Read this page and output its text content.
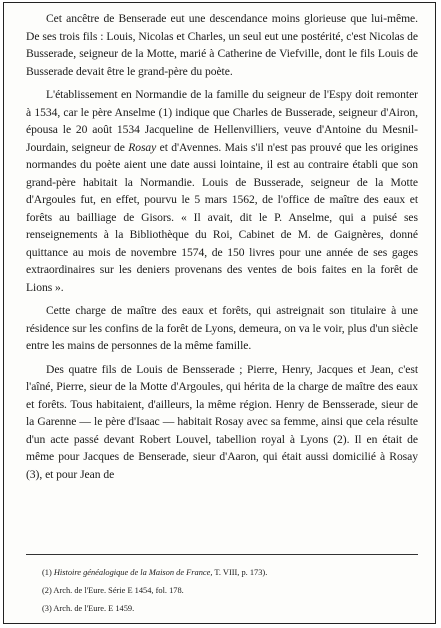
Cet ancêtre de Benserade eut une descendance moins glorieuse que lui-même. De ses trois fils : Louis, Nicolas et Charles, un seul eut une postérité, c'est Nicolas de Busserade, seigneur de la Motte, marié à Catherine de Viefville, dont le fils Louis de Busserade devait être le grand-père du poète.

L'établissement en Normandie de la famille du seigneur de l'Espy doit remonter à 1534, car le père Anselme (1) indique que Charles de Busserade, seigneur d'Airon, épousa le 20 août 1534 Jacqueline de Hellenvilliers, veuve d'Antoine du Mesnil-Jourdain, seigneur de Rosay et d'Avennes. Mais s'il n'est pas prouvé que les origines normandes du poète aient une date aussi lointaine, il est au contraire établi que son grand-père habitait la Normandie. Louis de Busserade, seigneur de la Motte d'Argoules fut, en effet, pourvu le 5 mars 1562, de l'office de maître des eaux et forêts au bailliage de Gisors. « Il avait, dit le P. Anselme, qui a puisé ses renseignements à la Bibliothèque du Roi, Cabinet de M. de Gaignères, donné quittance au mois de novembre 1574, de 150 livres pour une année de ses gages extraordinaires sur les deniers provenans des ventes de bois faites en la forêt de Lions ».

Cette charge de maître des eaux et forêts, qui astreignait son titulaire à une résidence sur les confins de la forêt de Lyons, demeura, on va le voir, plus d'un siècle entre les mains de personnes de la même famille.

Des quatre fils de Louis de Bensserade ; Pierre, Henry, Jacques et Jean, c'est l'aîné, Pierre, sieur de la Motte d'Argoules, qui hérita de la charge de maître des eaux et forêts. Tous habitaient, d'ailleurs, la même région. Henry de Bensserade, sieur de la Garenne — le père d'Isaac — habitait Rosay avec sa femme, ainsi que cela résulte d'un acte passé devant Robert Louvel, tabellion royal à Lyons (2). Il en était de même pour Jacques de Benserade, sieur d'Aaron, qui était aussi domicilié à Rosay (3), et pour Jean de

(1) Histoire généalogique de la Maison de France, T. VIII, p. 173).
(2) Arch. de l'Eure. Série E 1454, fol. 178.
(3) Arch. de l'Eure. E 1459.
